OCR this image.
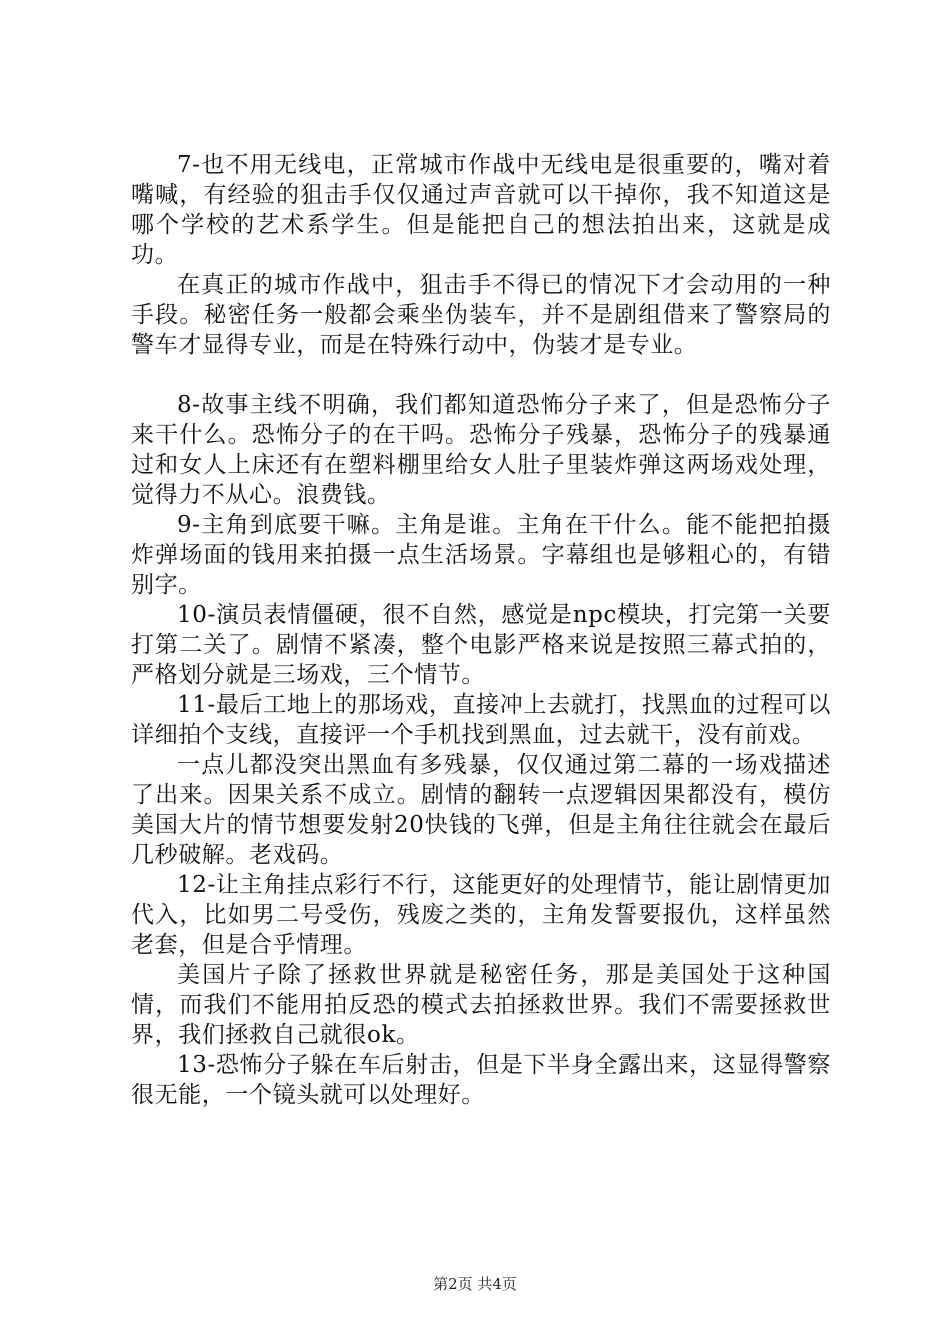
7-也不用无线电，正常城市作战中无线电是很重要的，嘴对着嘴喊，有经验的狙击手仅仅通过声音就可以干掉你，我不知道这是哪个学校的艺术系学生。但是能把自己的想法拍出来，这就是成功。

在真正的城市作战中，狙击手不得已的情况下才会动用的一种手段。秘密任务一般都会乘坐伪装车，并不是剧组借来了警察局的警车才显得专业，而是在特殊行动中，伪装才是专业。

8-故事主线不明确，我们都知道恐怖分子来了，但是恐怖分子来干什么。恐怖分子的在干吗。恐怖分子残暴，恐怖分子的残暴通过和女人上床还有在塑料棚里给女人肚子里装炸弹这两场戏处理，觉得力不从心。浪费钱。

9-主角到底要干嘛。主角是谁。主角在干什么。能不能把拍摄炸弹场面的钱用来拍摄一点生活场景。字幕组也是够粗心的，有错别字。

10-演员表情僵硬，很不自然，感觉是npc模块，打完第一关要打第二关了。剧情不紧凑，整个电影严格来说是按照三幕式拍的，严格划分就是三场戏，三个情节。

11-最后工地上的那场戏，直接冲上去就打，找黑血的过程可以详细拍个支线，直接评一个手机找到黑血，过去就干，没有前戏。

一点儿都没突出黑血有多残暴，仅仅通过第二幕的一场戏描述了出来。因果关系不成立。剧情的翻转一点逻辑因果都没有，模仿美国大片的情节想要发射20快钱的飞弹，但是主角往往就会在最后几秒破解。老戏码。

12-让主角挂点彩行不行，这能更好的处理情节，能让剧情更加代入，比如男二号受伤，残废之类的，主角发誓要报仇，这样虽然老套，但是合乎情理。

美国片子除了拯救世界就是秘密任务，那是美国处于这种国情，而我们不能用拍反恐的模式去拍拯救世界。我们不需要拯救世界，我们拯救自己就很ok。

13-恐怖分子躲在车后射击，但是下半身全露出来，这显得警察很无能，一个镜头就可以处理好。

第2页 共4页
